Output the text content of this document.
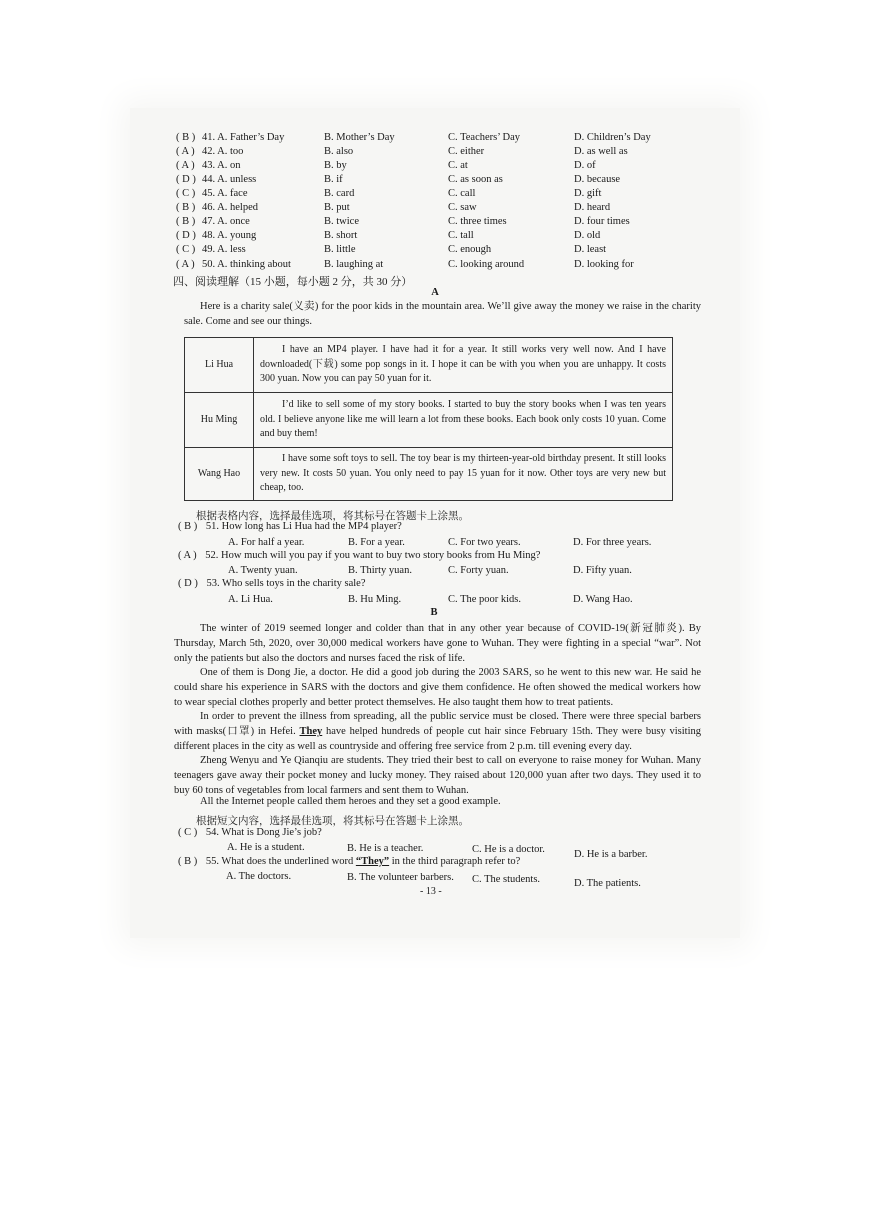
( B ) 41. A. Father’s Day	B. Mother’s Day	C. Teachers’ Day	D. Children’s Day
( A ) 42. A. too	B. also	C. either	D. as well as
( A ) 43. A. on	B. by	C. at	D. of
( D ) 44. A. unless	B. if	C. as soon as	D. because
( C ) 45. A. face	B. card	C. call	D. gift
( B ) 46. A. helped	B. put	C. saw	D. heard
( B ) 47. A. once	B. twice	C. three times	D. four times
( D ) 48. A. young	B. short	C. tall	D. old
( C ) 49. A. less	B. little	C. enough	D. least
( A ) 50. A. thinking about	B. laughing at	C. looking around	D. looking for
四、阅读理解（15 小题，每小题 2 分，共 30 分）
A
Here is a charity sale(义卖) for the poor kids in the mountain area. We’ll give away the money we raise in the charity sale. Come and see our things.
Li Hua	I have an MP4 player. I have had it for a year. It still works very well now. And I have downloaded(下载) some pop songs in it. I hope it can be with you when you are unhappy. It costs 300 yuan. Now you can pay 50 yuan for it.
Hu Ming	I’d like to sell some of my story books. I started to buy the story books when I was ten years old. I believe anyone like me will learn a lot from these books. Each book only costs 10 yuan. Come and buy them!
Wang Hao	I have some soft toys to sell. The toy bear is my thirteen-year-old birthday present. It still looks very new. It costs 50 yuan. You only need to pay 15 yuan for it now. Other toys are very new but cheap, too.
根据表格内容，选择最佳选项，将其标号在答题卡上涂黑。
( B ) 51. How long has Li Hua had the MP4 player?
A. For half a year.	B. For a year.	C. For two years.	D. For three years.
( A ) 52. How much will you pay if you want to buy two story books from Hu Ming?
A. Twenty yuan.	B. Thirty yuan.	C. Forty yuan.	D. Fifty yuan.
( D ) 53. Who sells toys in the charity sale?
A. Li Hua.	B. Hu Ming.	C. The poor kids.	D. Wang Hao.
B
The winter of 2019 seemed longer and colder than that in any other year because of COVID-19(新冠肺炎). By Thursday, March 5th, 2020, over 30,000 medical workers have gone to Wuhan. They were fighting in a special “war”. Not only the patients but also the doctors and nurses faced the risk of life.
One of them is Dong Jie, a doctor. He did a good job during the 2003 SARS, so he went to this new war. He said he could share his experience in SARS with the doctors and give them confidence. He often showed the medical workers how to wear special clothes properly and better protect themselves. He also taught them how to treat patients.
In order to prevent the illness from spreading, all the public service must be closed. There were three special barbers with masks(口罩) in Hefei. They have helped hundreds of people cut hair since February 15th. They were busy visiting different places in the city as well as countryside and offering free service from 2 p.m. till evening every day.
Zheng Wenyu and Ye Qianqiu are students. They tried their best to call on everyone to raise money for Wuhan. Many teenagers gave away their pocket money and lucky money. They raised about 120,000 yuan after two days. They used it to buy 60 tons of vegetables from local farmers and sent them to Wuhan.
All the Internet people called them heroes and they set a good example.
根据短文内容，选择最佳选项，将其标号在答题卡上涂黑。
( C ) 54. What is Dong Jie’s job?
A. He is a student.	B. He is a teacher.	C. He is a doctor.	D. He is a barber.
( B ) 55. What does the underlined word “They” in the third paragraph refer to?
A. The doctors.	B. The volunteer barbers. C. The students.	D. The patients.
- 13 -
